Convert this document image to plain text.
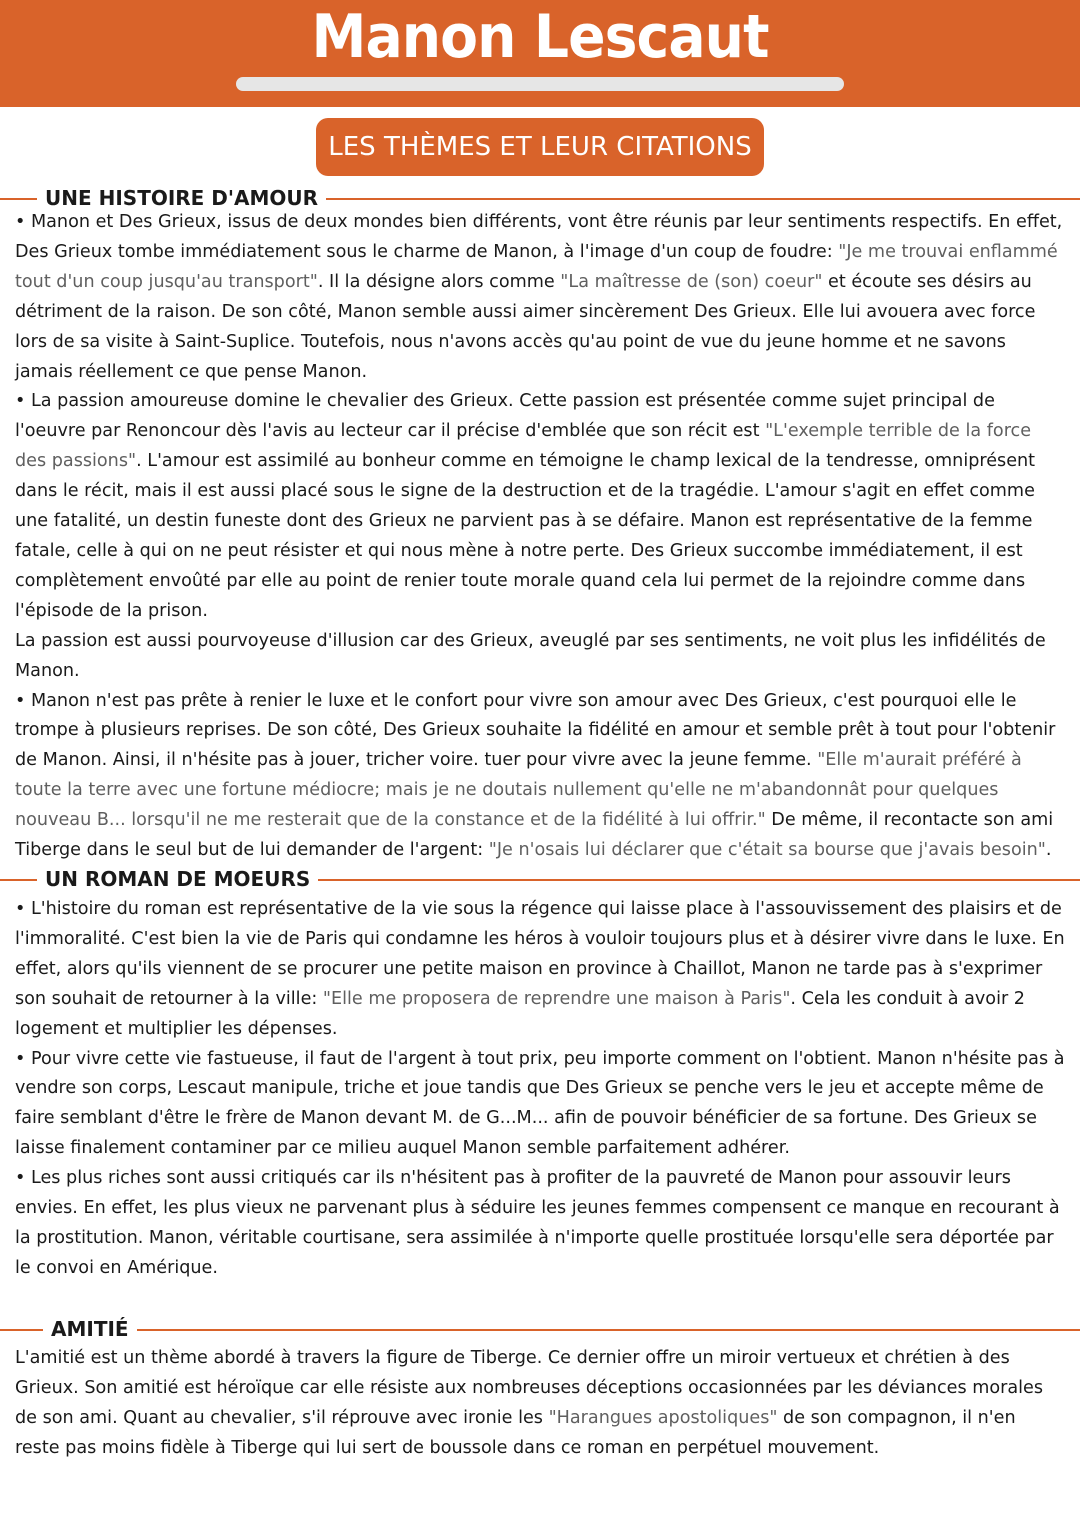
Manon Lescaut
LES THÈMES ET LEUR CITATIONS
UNE HISTOIRE D'AMOUR

• Manon et Des Grieux, issus de deux mondes bien différents, vont être réunis par leur sentiments respectifs. En effet, Des Grieux tombe immédiatement sous le charme de Manon, à l'image d'un coup de foudre: "Je me trouvai enflammé tout d'un coup jusqu'au transport". Il la désigne alors comme "La maîtresse de (son) coeur" et écoute ses désirs au détriment de la raison. De son côté, Manon semble aussi aimer sincèrement Des Grieux. Elle lui avouera avec force lors de sa visite à Saint-Suplice. Toutefois, nous n'avons accès qu'au point de vue du jeune homme et ne savons jamais réellement ce que pense Manon.

• La passion amoureuse domine le chevalier des Grieux. Cette passion est présentée comme sujet principal de l'oeuvre par Renoncour dès l'avis au lecteur car il précise d'emblée que son récit est "L'exemple terrible de la force des passions". L'amour est assimilé au bonheur comme en témoigne le champ lexical de la tendresse, omniprésent dans le récit, mais il est aussi placé sous le signe de la destruction et de la tragédie. L'amour s'agit en effet comme une fatalité, un destin funeste dont des Grieux ne parvient pas à se défaire. Manon est représentative de la femme fatale, celle à qui on ne peut résister et qui nous mène à notre perte. Des Grieux succombe immédiatement, il est complètement envoûté par elle au point de renier toute morale quand cela lui permet de la rejoindre comme dans l'épisode de la prison.

La passion est aussi pourvoyeuse d'illusion car des Grieux, aveuglé par ses sentiments, ne voit plus les infidélités de Manon.

• Manon n'est pas prête à renier le luxe et le confort pour vivre son amour avec Des Grieux, c'est pourquoi elle le trompe à plusieurs reprises. De son côté, Des Grieux souhaite la fidélité en amour et semble prêt à tout pour l'obtenir de Manon. Ainsi, il n'hésite pas à jouer, tricher voire. tuer pour vivre avec la jeune femme. "Elle m'aurait préféré à toute la terre avec une fortune médiocre; mais je ne doutais nullement qu'elle ne m'abandonnât pour quelques nouveau B... lorsqu'il ne me resterait que de la constance et de la fidélité à lui offrir." De même, il recontacte son ami Tiberge dans le seul but de lui demander de l'argent: "Je n'osais lui déclarer que c'était sa bourse que j'avais besoin".

UN ROMAN DE MOEURS

• L'histoire du roman est représentative de la vie sous la régence qui laisse place à l'assouvissement des plaisirs et de l'immoralité. C'est bien la vie de Paris qui condamne les héros à vouloir toujours plus et à désirer vivre dans le luxe. En effet, alors qu'ils viennent de se procurer une petite maison en province à Chaillot, Manon ne tarde pas à s'exprimer son souhait de retourner à la ville: "Elle me proposera de reprendre une maison à Paris". Cela les conduit à avoir 2 logement et multiplier les dépenses.

• Pour vivre cette vie fastueuse, il faut de l'argent à tout prix, peu importe comment on l'obtient. Manon n'hésite pas à vendre son corps, Lescaut manipule, triche et joue tandis que Des Grieux se penche vers le jeu et accepte même de faire semblant d'être le frère de Manon devant M. de G...M... afin de pouvoir bénéficier de sa fortune. Des Grieux se laisse finalement contaminer par ce milieu auquel Manon semble parfaitement adhérer.

• Les plus riches sont aussi critiqués car ils n'hésitent pas à profiter de la pauvreté de Manon pour assouvir leurs envies. En effet, les plus vieux ne parvenant plus à séduire les jeunes femmes compensent ce manque en recourant à la prostitution. Manon, véritable courtisane, sera assimilée à n'importe quelle prostituée lorsqu'elle sera déportée par le convoi en Amérique.

AMITIÉ

L'amitié est un thème abordé à travers la figure de Tiberge. Ce dernier offre un miroir vertueux et chrétien à des Grieux. Son amitié est héroïque car elle résiste aux nombreuses déceptions occasionnées par les déviances morales de son ami. Quant au chevalier, s'il réprouve avec ironie les "Harangues apostoliques" de son compagnon, il n'en reste pas moins fidèle à Tiberge qui lui sert de boussole dans ce roman en perpétuel mouvement.
